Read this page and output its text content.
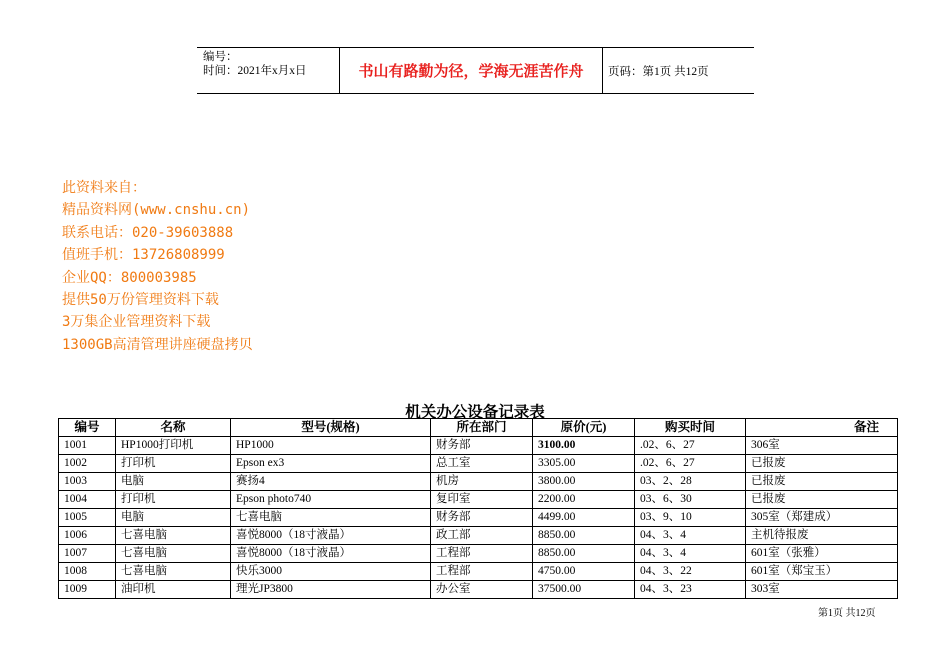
编号：
时间：2021年x月x日	书山有路勤为径，学海无涯苦作舟	页码：第1页 共12页
此资料来自：
精品资料网(www.cnshu.cn)
联系电话：020-39603888
值班手机：13726808999
企业QQ：800003985
提供50万份管理资料下载
3万集企业管理资料下载
1300GB高清管理讲座硬盘拷贝
机关办公设备记录表
编号	名称	型号(规格)	所在部门	原价(元)	购买时间	备注
1001	HP1000打印机	HP1000	财务部	3100.00	.02、6、27	306室
1002	打印机	Epson ex3	总工室	3305.00	.02、6、27	已报废
1003	电脑	赛扬4	机房	3800.00	03、2、28	已报废
1004	打印机	Epson photo740	复印室	2200.00	03、6、30	已报废
1005	电脑	七喜电脑	财务部	4499.00	03、9、10	305室（郑建成）
1006	七喜电脑	喜悦8000（18寸液晶）	政工部	8850.00	04、3、4	主机待报废
1007	七喜电脑	喜悦8000（18寸液晶）	工程部	8850.00	04、3、4	601室（张雅）
1008	七喜电脑	快乐3000	工程部	4750.00	04、3、22	601室（郑宝玉）
1009	油印机	理光JP3800	办公室	37500.00	04、3、23	303室
第1页 共12页
